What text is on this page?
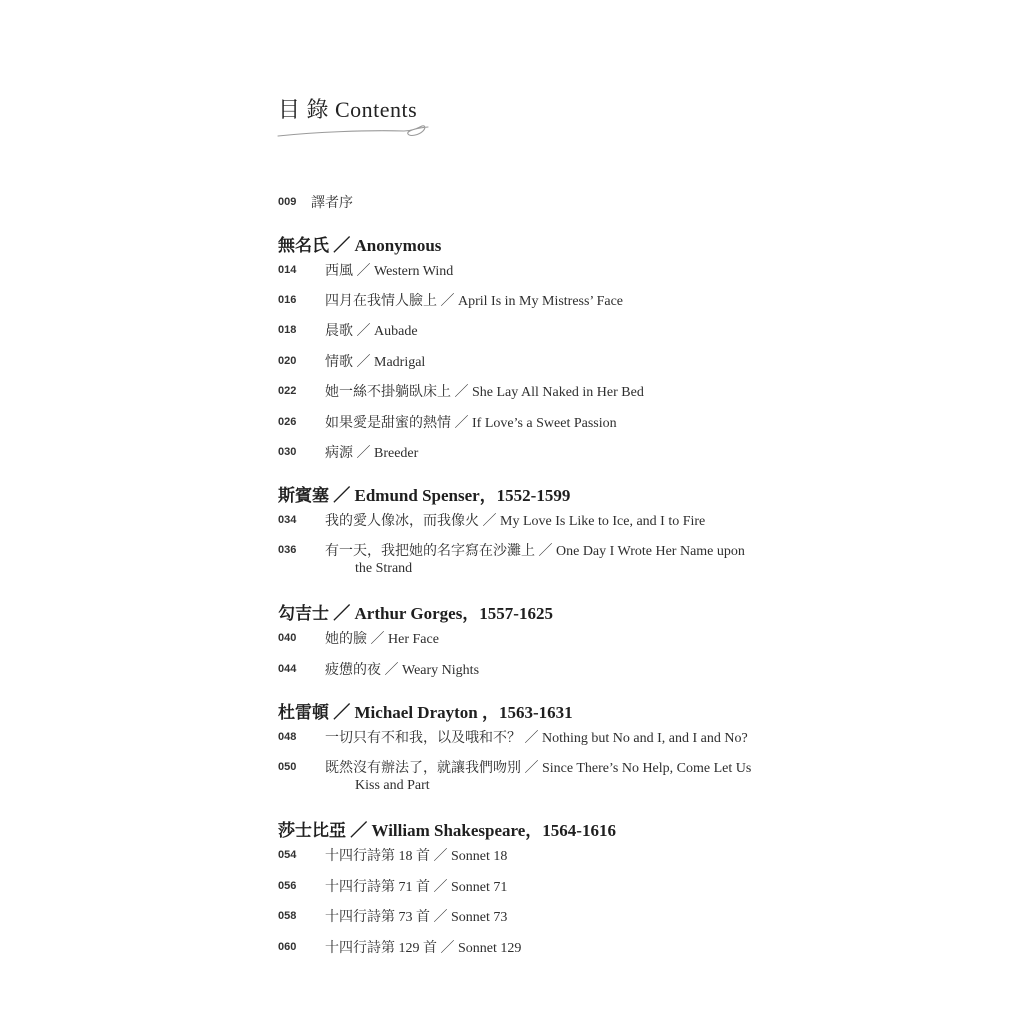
目 錄 Contents
009 譯者序
無名氏 ／ Anonymous
014 西風 ／ Western Wind
016 四月在我情人臉上 ／ April Is in My Mistress’ Face
018 晨歌 ／ Aubade
020 情歌 ／ Madrigal
022 她一絲不掛躺臥床上 ／ She Lay All Naked in Her Bed
026 如果愛是甜蜜的熱情 ／ If Love’s a Sweet Passion
030 病源 ／ Breeder
斯賓塞 ／ Edmund Spenser，1552-1599
034 我的愛人像冰，而我像火 ／ My Love Is Like to Ice, and I to Fire
036 有一天，我把她的名字寫在沙灘上 ／ One Day I Wrote Her Name upon
the Strand
勾吉士 ／ Arthur Gorges，1557-1625
040 她的臉 ／ Her Face
044 疲憊的夜 ／ Weary Nights
杜雷頓 ／ Michael Drayton ，1563-1631
048 一切只有不和我，以及哦和不？ ／ Nothing but No and I, and I and No?
050 既然沒有辦法了，就讓我們吻別 ／ Since There’s No Help, Come Let Us
Kiss and Part
莎士比亞 ／ William Shakespeare，1564-1616
054 十四行詩第 18 首 ／ Sonnet 18
056 十四行詩第 71 首 ／ Sonnet 71
058 十四行詩第 73 首 ／ Sonnet 73
060 十四行詩第 129 首 ／ Sonnet 129
